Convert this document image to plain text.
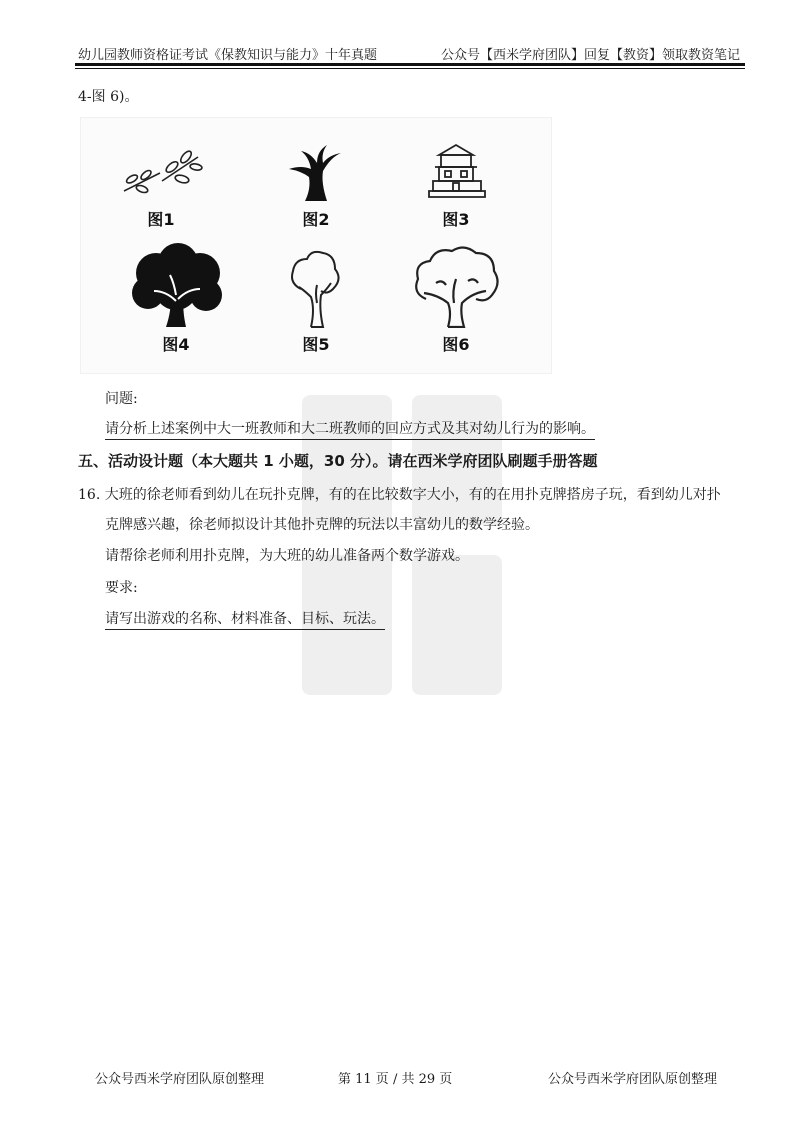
幼儿园教师资格证考试《保教知识与能力》十年真题	公众号【西米学府团队】回复【教资】领取教资笔记
4-图 6)。
图1	图2	图3
图4	图5	图6
问题:
请分析上述案例中大一班教师和大二班教师的回应方式及其对幼儿行为的影响。
五、活动设计题（本大题共 1 小题，30 分）。请在西米学府团队刷题手册答题
16. 大班的徐老师看到幼儿在玩扑克牌，有的在比较数字大小，有的在用扑克牌搭房子玩，看到幼儿对扑
克牌感兴趣，徐老师拟设计其他扑克牌的玩法以丰富幼儿的数学经验。
请帮徐老师利用扑克牌，为大班的幼儿准备两个数学游戏。
要求:
请写出游戏的名称、材料准备、目标、玩法。
公众号西米学府团队原创整理	第 11 页 / 共 29 页	公众号西米学府团队原创整理
